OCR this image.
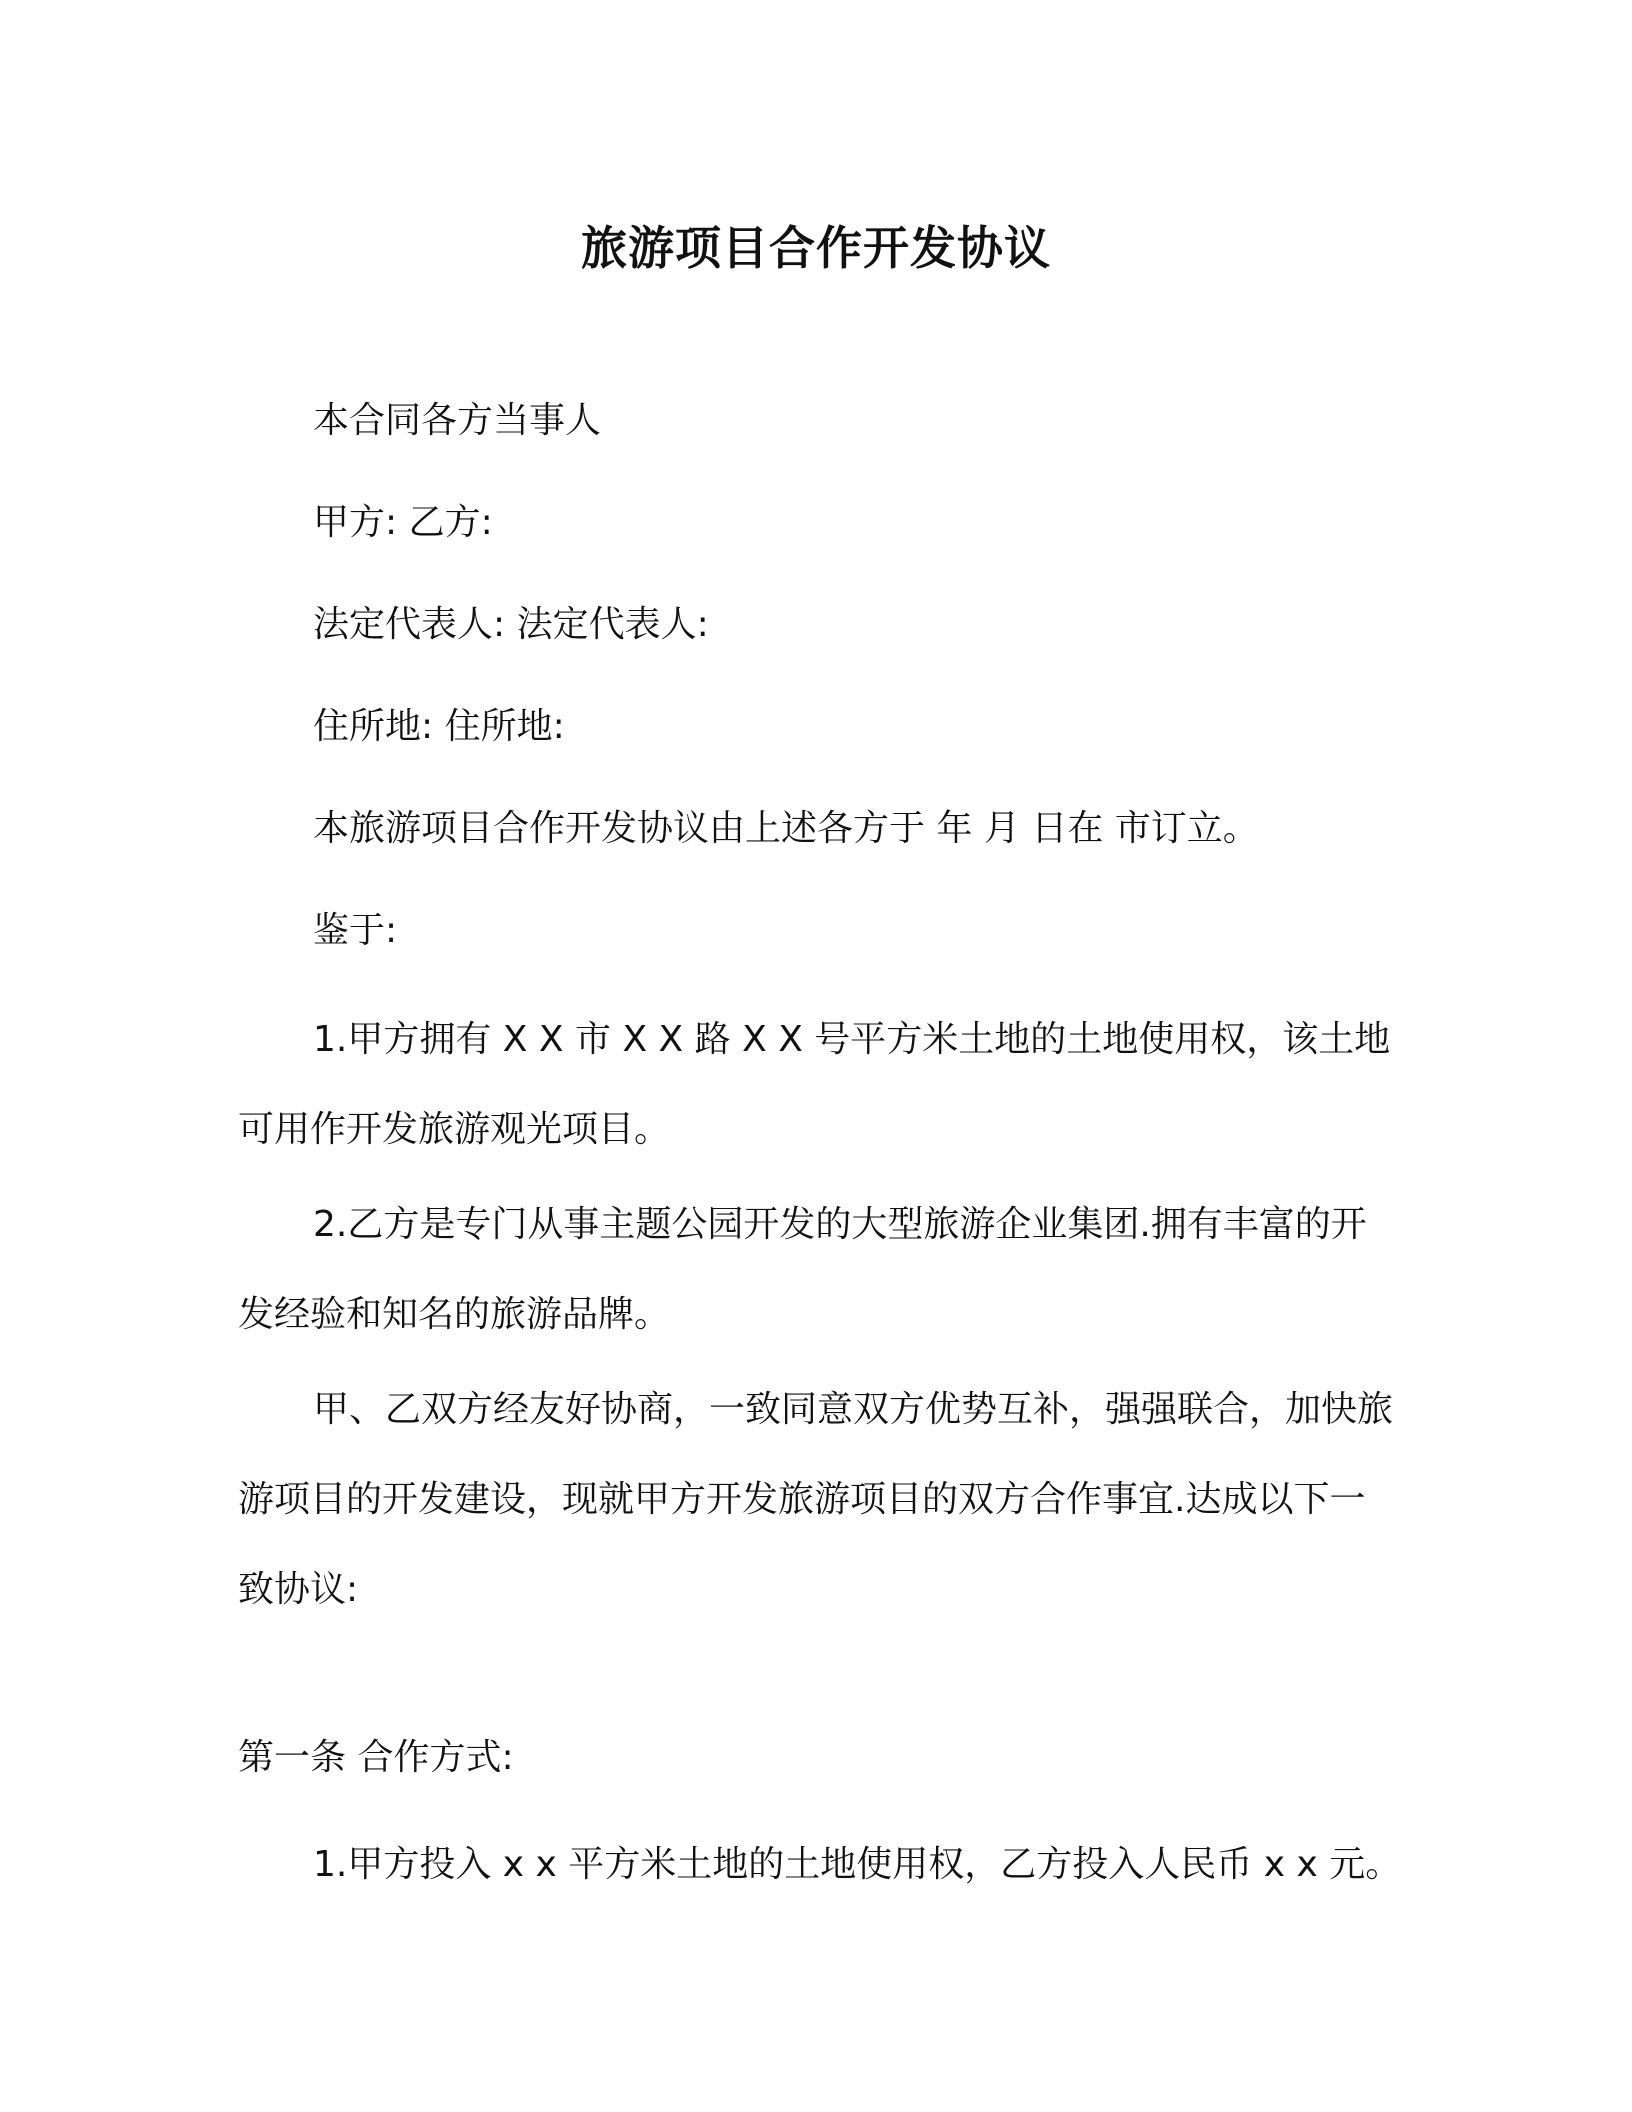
旅游项目合作开发协议
本合同各方当事人
甲方: 乙方:
法定代表人: 法定代表人:
住所地: 住所地:
本旅游项目合作开发协议由上述各方于 年 月 日在 市订立。
鉴于:
1.甲方拥有 X X 市 X X 路 X X 号平方米土地的土地使用权，该土地可用作开发旅游观光项目。
2.乙方是专门从事主题公园开发的大型旅游企业集团.拥有丰富的开发经验和知名的旅游品牌。
甲、乙双方经友好协商，一致同意双方优势互补，强强联合，加快旅游项目的开发建设，现就甲方开发旅游项目的双方合作事宜.达成以下一致协议:
第一条 合作方式:
1.甲方投入 x x 平方米土地的土地使用权，乙方投入人民币 x x 元。
